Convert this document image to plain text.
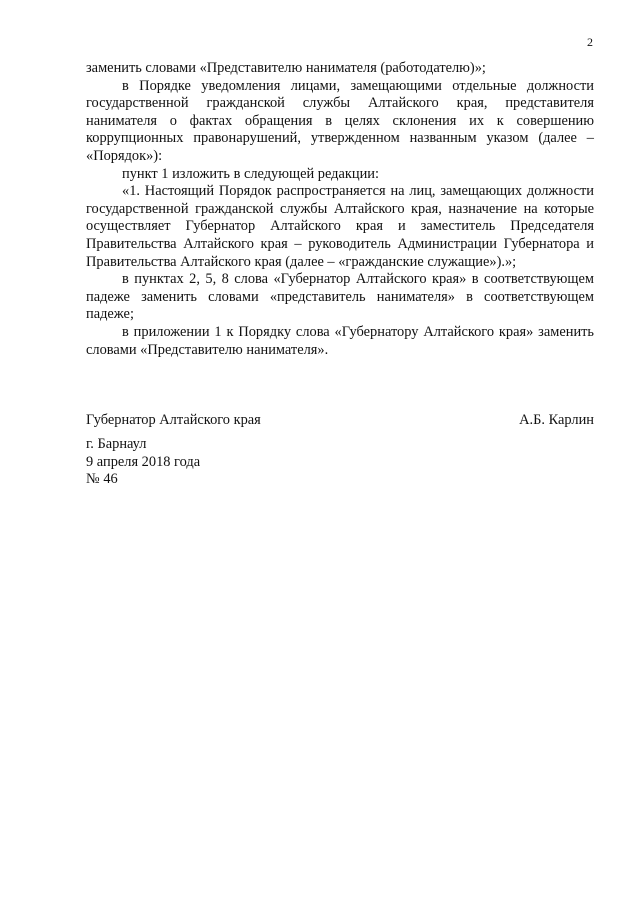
2

заменить словами «Представителю нанимателя (работодателю)»;

в Порядке уведомления лицами, замещающими отдельные должности государственной гражданской службы Алтайского края, представителя нанимателя о фактах обращения в целях склонения их к совершению коррупционных правонарушений, утвержденном названным указом (далее – «Порядок»):

пункт 1 изложить в следующей редакции:

«1. Настоящий Порядок распространяется на лиц, замещающих должности государственной гражданской службы Алтайского края, назначение на которые осуществляет Губернатор Алтайского края и заместитель Председателя Правительства Алтайского края – руководитель Администрации Губернатора и Правительства Алтайского края (далее – «гражданские служащие»).»;

в пунктах 2, 5, 8 слова «Губернатор Алтайского края» в соответствующем падеже заменить словами «представитель нанимателя» в соответствующем падеже;

в приложении 1 к Порядку слова «Губернатору Алтайского края» заменить словами «Представителю нанимателя».

Губернатор Алтайского края	А.Б. Карлин
г. Барнаул
9 апреля 2018 года
№ 46
